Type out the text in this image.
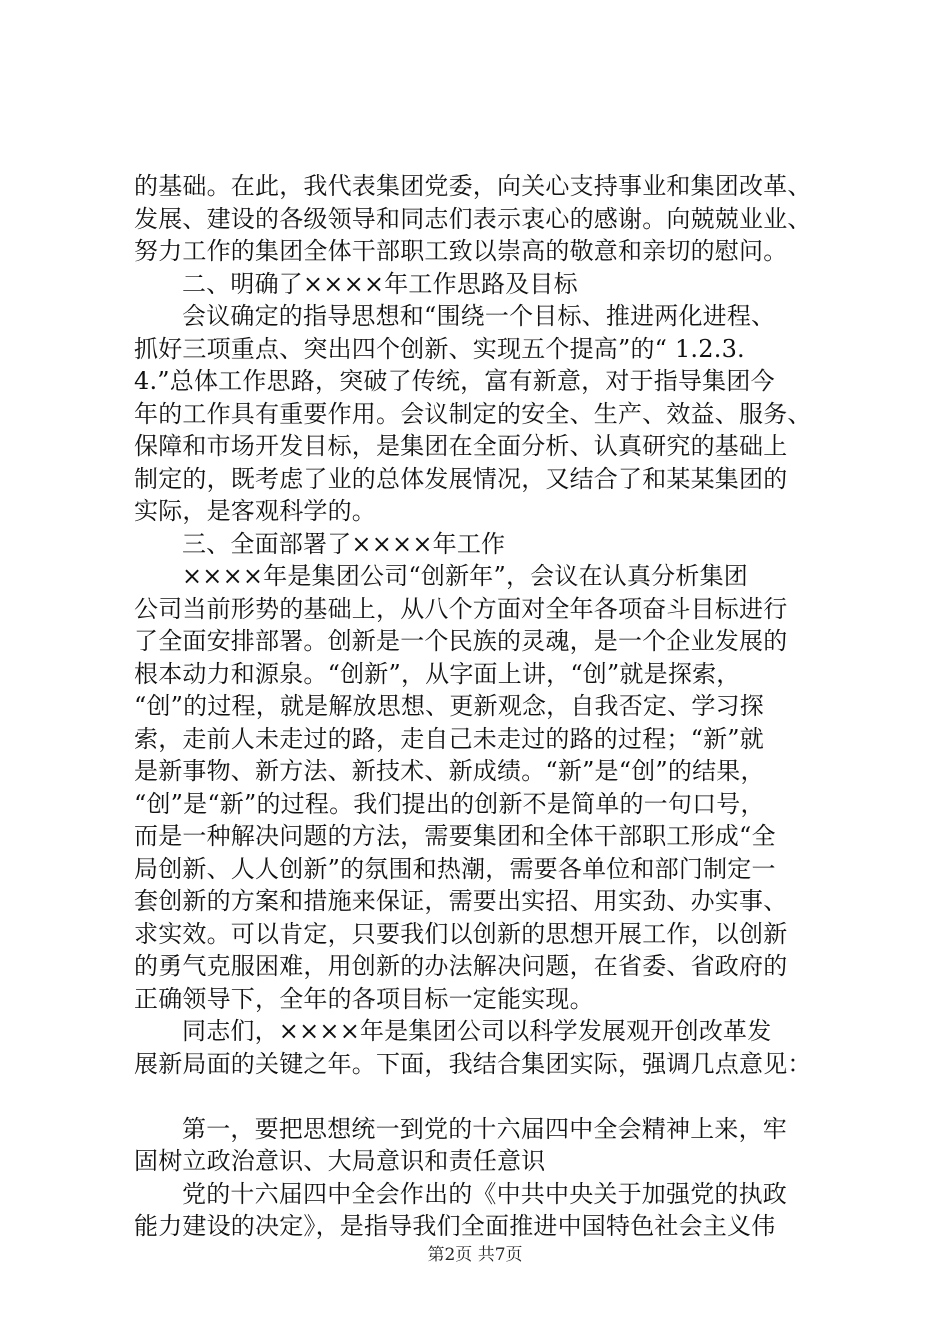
的基础。在此，我代表集团党委，向关心支持事业和集团改革、
发展、建设的各级领导和同志们表示衷心的感谢。向兢兢业业、
努力工作的集团全体干部职工致以崇高的敬意和亲切的慰问。
二、明确了××××年工作思路及目标
会议确定的指导思想和“围绕一个目标、推进两化进程、
抓好三项重点、突出四个创新、实现五个提高”的“ 1.2.3.
4.”总体工作思路，突破了传统，富有新意，对于指导集团今
年的工作具有重要作用。会议制定的安全、生产、效益、服务、
保障和市场开发目标，是集团在全面分析、认真研究的基础上
制定的，既考虑了业的总体发展情况，又结合了和某某集团的
实际，是客观科学的。
三、全面部署了××××年工作
××××年是集团公司“创新年”，会议在认真分析集团
公司当前形势的基础上，从八个方面对全年各项奋斗目标进行
了全面安排部署。创新是一个民族的灵魂，是一个企业发展的
根本动力和源泉。“创新”，从字面上讲，“创”就是探索，
“创”的过程，就是解放思想、更新观念，自我否定、学习探
索，走前人未走过的路，走自己未走过的路的过程；“新”就
是新事物、新方法、新技术、新成绩。“新”是“创”的结果，
“创”是“新”的过程。我们提出的创新不是简单的一句口号，
而是一种解决问题的方法，需要集团和全体干部职工形成“全
局创新、人人创新”的氛围和热潮，需要各单位和部门制定一
套创新的方案和措施来保证，需要出实招、用实劲、办实事、
求实效。可以肯定，只要我们以创新的思想开展工作，以创新
的勇气克服困难，用创新的办法解决问题，在省委、省政府的
正确领导下，全年的各项目标一定能实现。
同志们，××××年是集团公司以科学发展观开创改革发
展新局面的关键之年。下面，我结合集团实际，强调几点意见：
第一，要把思想统一到党的十六届四中全会精神上来，牢
固树立政治意识、大局意识和责任意识
党的十六届四中全会作出的《中共中央关于加强党的执政
能力建设的决定》，是指导我们全面推进中国特色社会主义伟
第2页 共7页
